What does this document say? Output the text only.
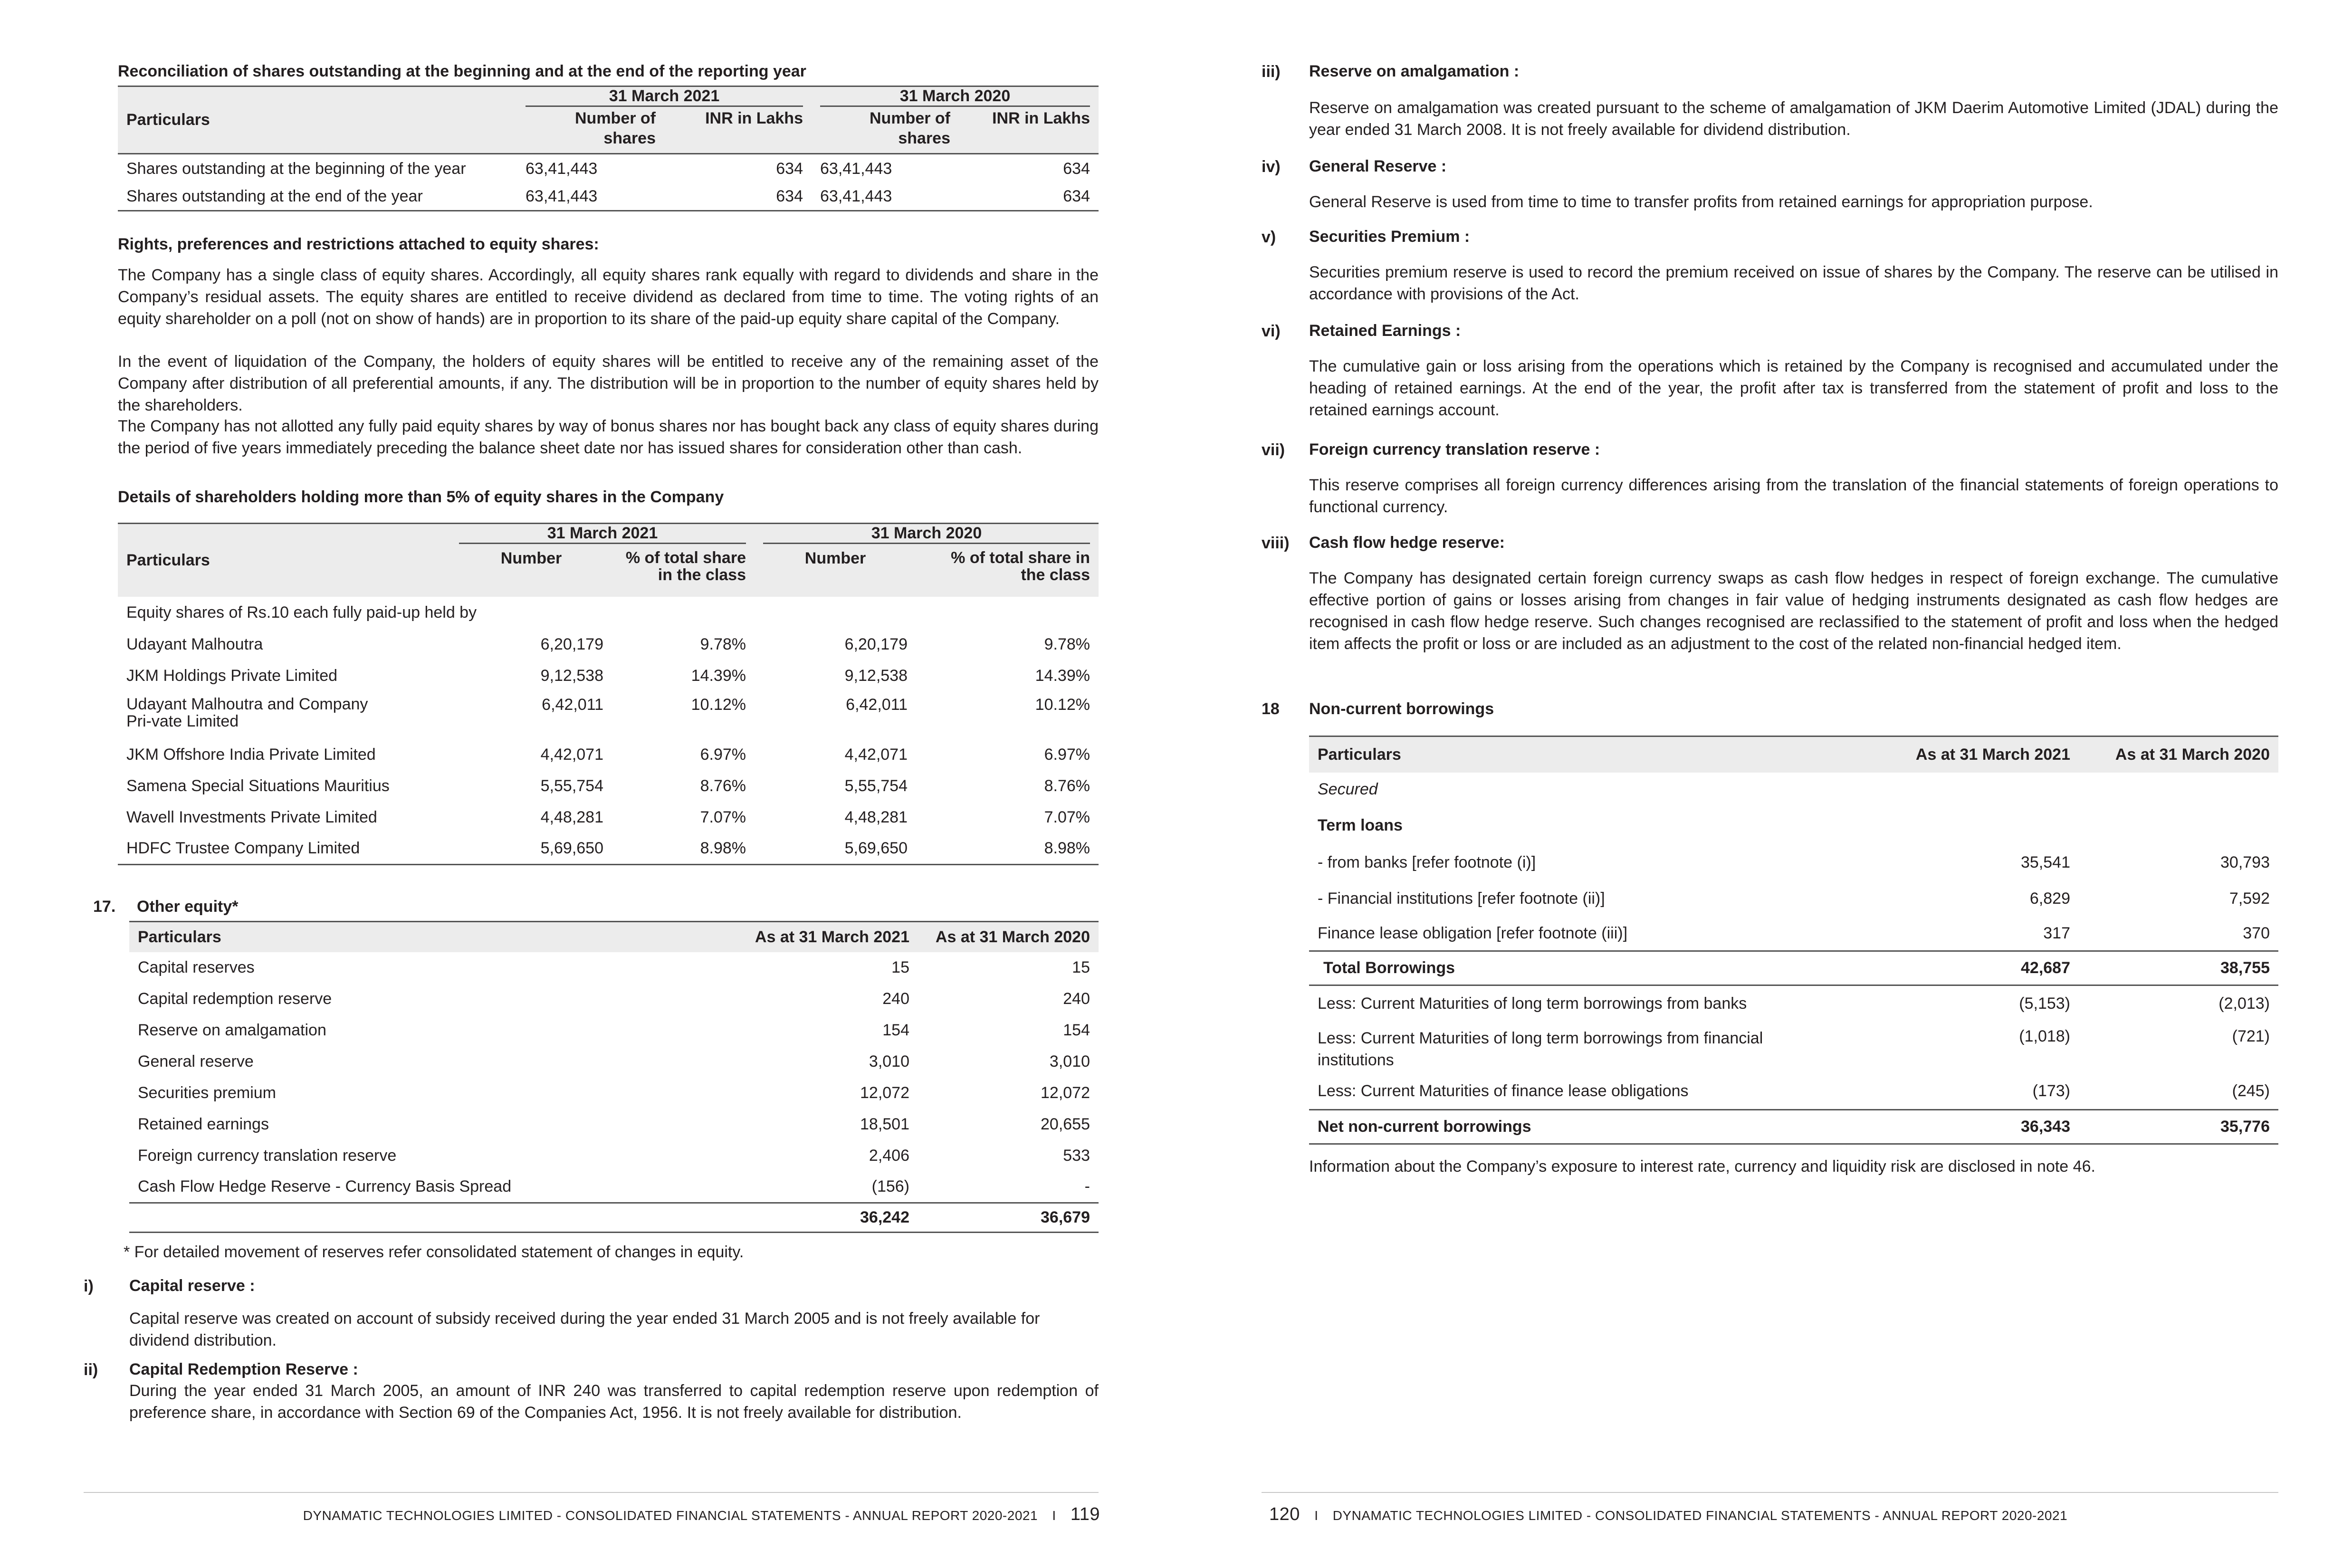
Reconciliation of shares outstanding at the beginning and at the end of the reporting year
Particulars	31 March 2021		31 March 2020	

	Number of shares	INR in Lakhs	Number of shares	INR in Lakhs
Shares outstanding at the beginning of the year	63,41,443	634	63,41,443	634
Shares outstanding at the end of the year	63,41,443	634	63,41,443	634
Rights, preferences and restrictions attached to equity shares:
The Company has a single class of equity shares. Accordingly, all equity shares rank equally with regard to dividends and share in the Company’s residual assets. The equity shares are entitled to receive dividend as declared from time to time. The voting rights of an equity shareholder on a poll (not on show of hands) are in proportion to its share of the paid-up equity share capital of the Company.
In the event of liquidation of the Company, the holders of equity shares will be entitled to receive any of the remaining asset of the Company after distribution of all preferential amounts, if any. The distribution will be in proportion to the number of equity shares held by the shareholders.
The Company has not allotted any fully paid equity shares by way of bonus shares nor has bought back any class of equity shares during the period of five years immediately preceding the balance sheet date nor has issued shares for consideration other than cash.
Details of shareholders holding more than 5% of equity shares in the Company
Particulars	31 March 2021		31 March 2020	

	Number	% of total share in the class	Number	% of total share in the class
Equity shares of Rs.10 each fully paid-up held by				
Udayant Malhoutra	6,20,179	9.78%	6,20,179	9.78%
JKM Holdings Private Limited	9,12,538	14.39%	9,12,538	14.39%
Udayant Malhoutra and Company Pri-vate Limited	6,42,011	10.12%	6,42,011	10.12%
JKM Offshore India Private Limited	4,42,071	6.97%	4,42,071	6.97%
Samena Special Situations Mauritius	5,55,754	8.76%	5,55,754	8.76%
Wavell Investments Private Limited	4,48,281	7.07%	4,48,281	7.07%
HDFC Trustee Company Limited	5,69,650	8.98%	5,69,650	8.98%
17. Other equity*
Particulars	As at 31 March 2021	As at 31 March 2020
Capital reserves	15	15
Capital redemption reserve	240	240
Reserve on amalgamation	154	154
General reserve	3,010	3,010
Securities premium	12,072	12,072
Retained earnings	18,501	20,655
Foreign currency translation reserve	2,406	533
Cash Flow Hedge Reserve - Currency Basis Spread	(156)	-
	36,242	36,679
* For detailed movement of reserves refer consolidated statement of changes in equity.
i) Capital reserve :
Capital reserve was created on account of subsidy received during the year ended 31 March 2005 and is not freely available for dividend distribution.
ii) Capital Redemption Reserve :
During the year ended 31 March 2005, an amount of INR 240 was transferred to capital redemption reserve upon redemption of preference share, in accordance with Section 69 of the Companies Act, 1956. It is not freely available for distribution.
DYNAMATIC TECHNOLOGIES LIMITED - CONSOLIDATED FINANCIAL STATEMENTS - ANNUAL REPORT 2020-2021 I 119
iii) Reserve on amalgamation :
Reserve on amalgamation was created pursuant to the scheme of amalgamation of JKM Daerim Automotive Limited (JDAL) during the year ended 31 March 2008. It is not freely available for dividend distribution.
iv) General Reserve :
General Reserve is used from time to time to transfer profits from retained earnings for appropriation purpose.
v) Securities Premium :
Securities premium reserve is used to record the premium received on issue of shares by the Company. The reserve can be utilised in accordance with provisions of the Act.
vi) Retained Earnings :
The cumulative gain or loss arising from the operations which is retained by the Company is recognised and accumulated under the heading of retained earnings. At the end of the year, the profit after tax is transferred from the statement of profit and loss to the retained earnings account.
vii) Foreign currency translation reserve :
This reserve comprises all foreign currency differences arising from the translation of the financial statements of foreign operations to functional currency.
viii) Cash flow hedge reserve:
The Company has designated certain foreign currency swaps as cash flow hedges in respect of foreign exchange. The cumulative effective portion of gains or losses arising from changes in fair value of hedging instruments designated as cash flow hedges are recognised in cash flow hedge reserve. Such changes recognised are reclassified to the statement of profit and loss when the hedged item affects the profit or loss or are included as an adjustment to the cost of the related non-financial hedged item.
18 Non-current borrowings
Particulars	As at 31 March 2021	As at 31 March 2020
Secured		
Term loans		
- from banks [refer footnote (i)]	35,541	30,793
- Financial institutions [refer footnote (ii)]	6,829	7,592
Finance lease obligation [refer footnote (iii)]	317	370
Total Borrowings	42,687	38,755
Less: Current Maturities of long term borrowings from banks	(5,153)	(2,013)
Less: Current Maturities of long term borrowings from financial institutions	(1,018)	(721)
Less: Current Maturities of finance lease obligations	(173)	(245)
Net non-current borrowings	36,343	35,776
Information about the Company’s exposure to interest rate, currency and liquidity risk are disclosed in note 46.
120 I DYNAMATIC TECHNOLOGIES LIMITED - CONSOLIDATED FINANCIAL STATEMENTS - ANNUAL REPORT 2020-2021
